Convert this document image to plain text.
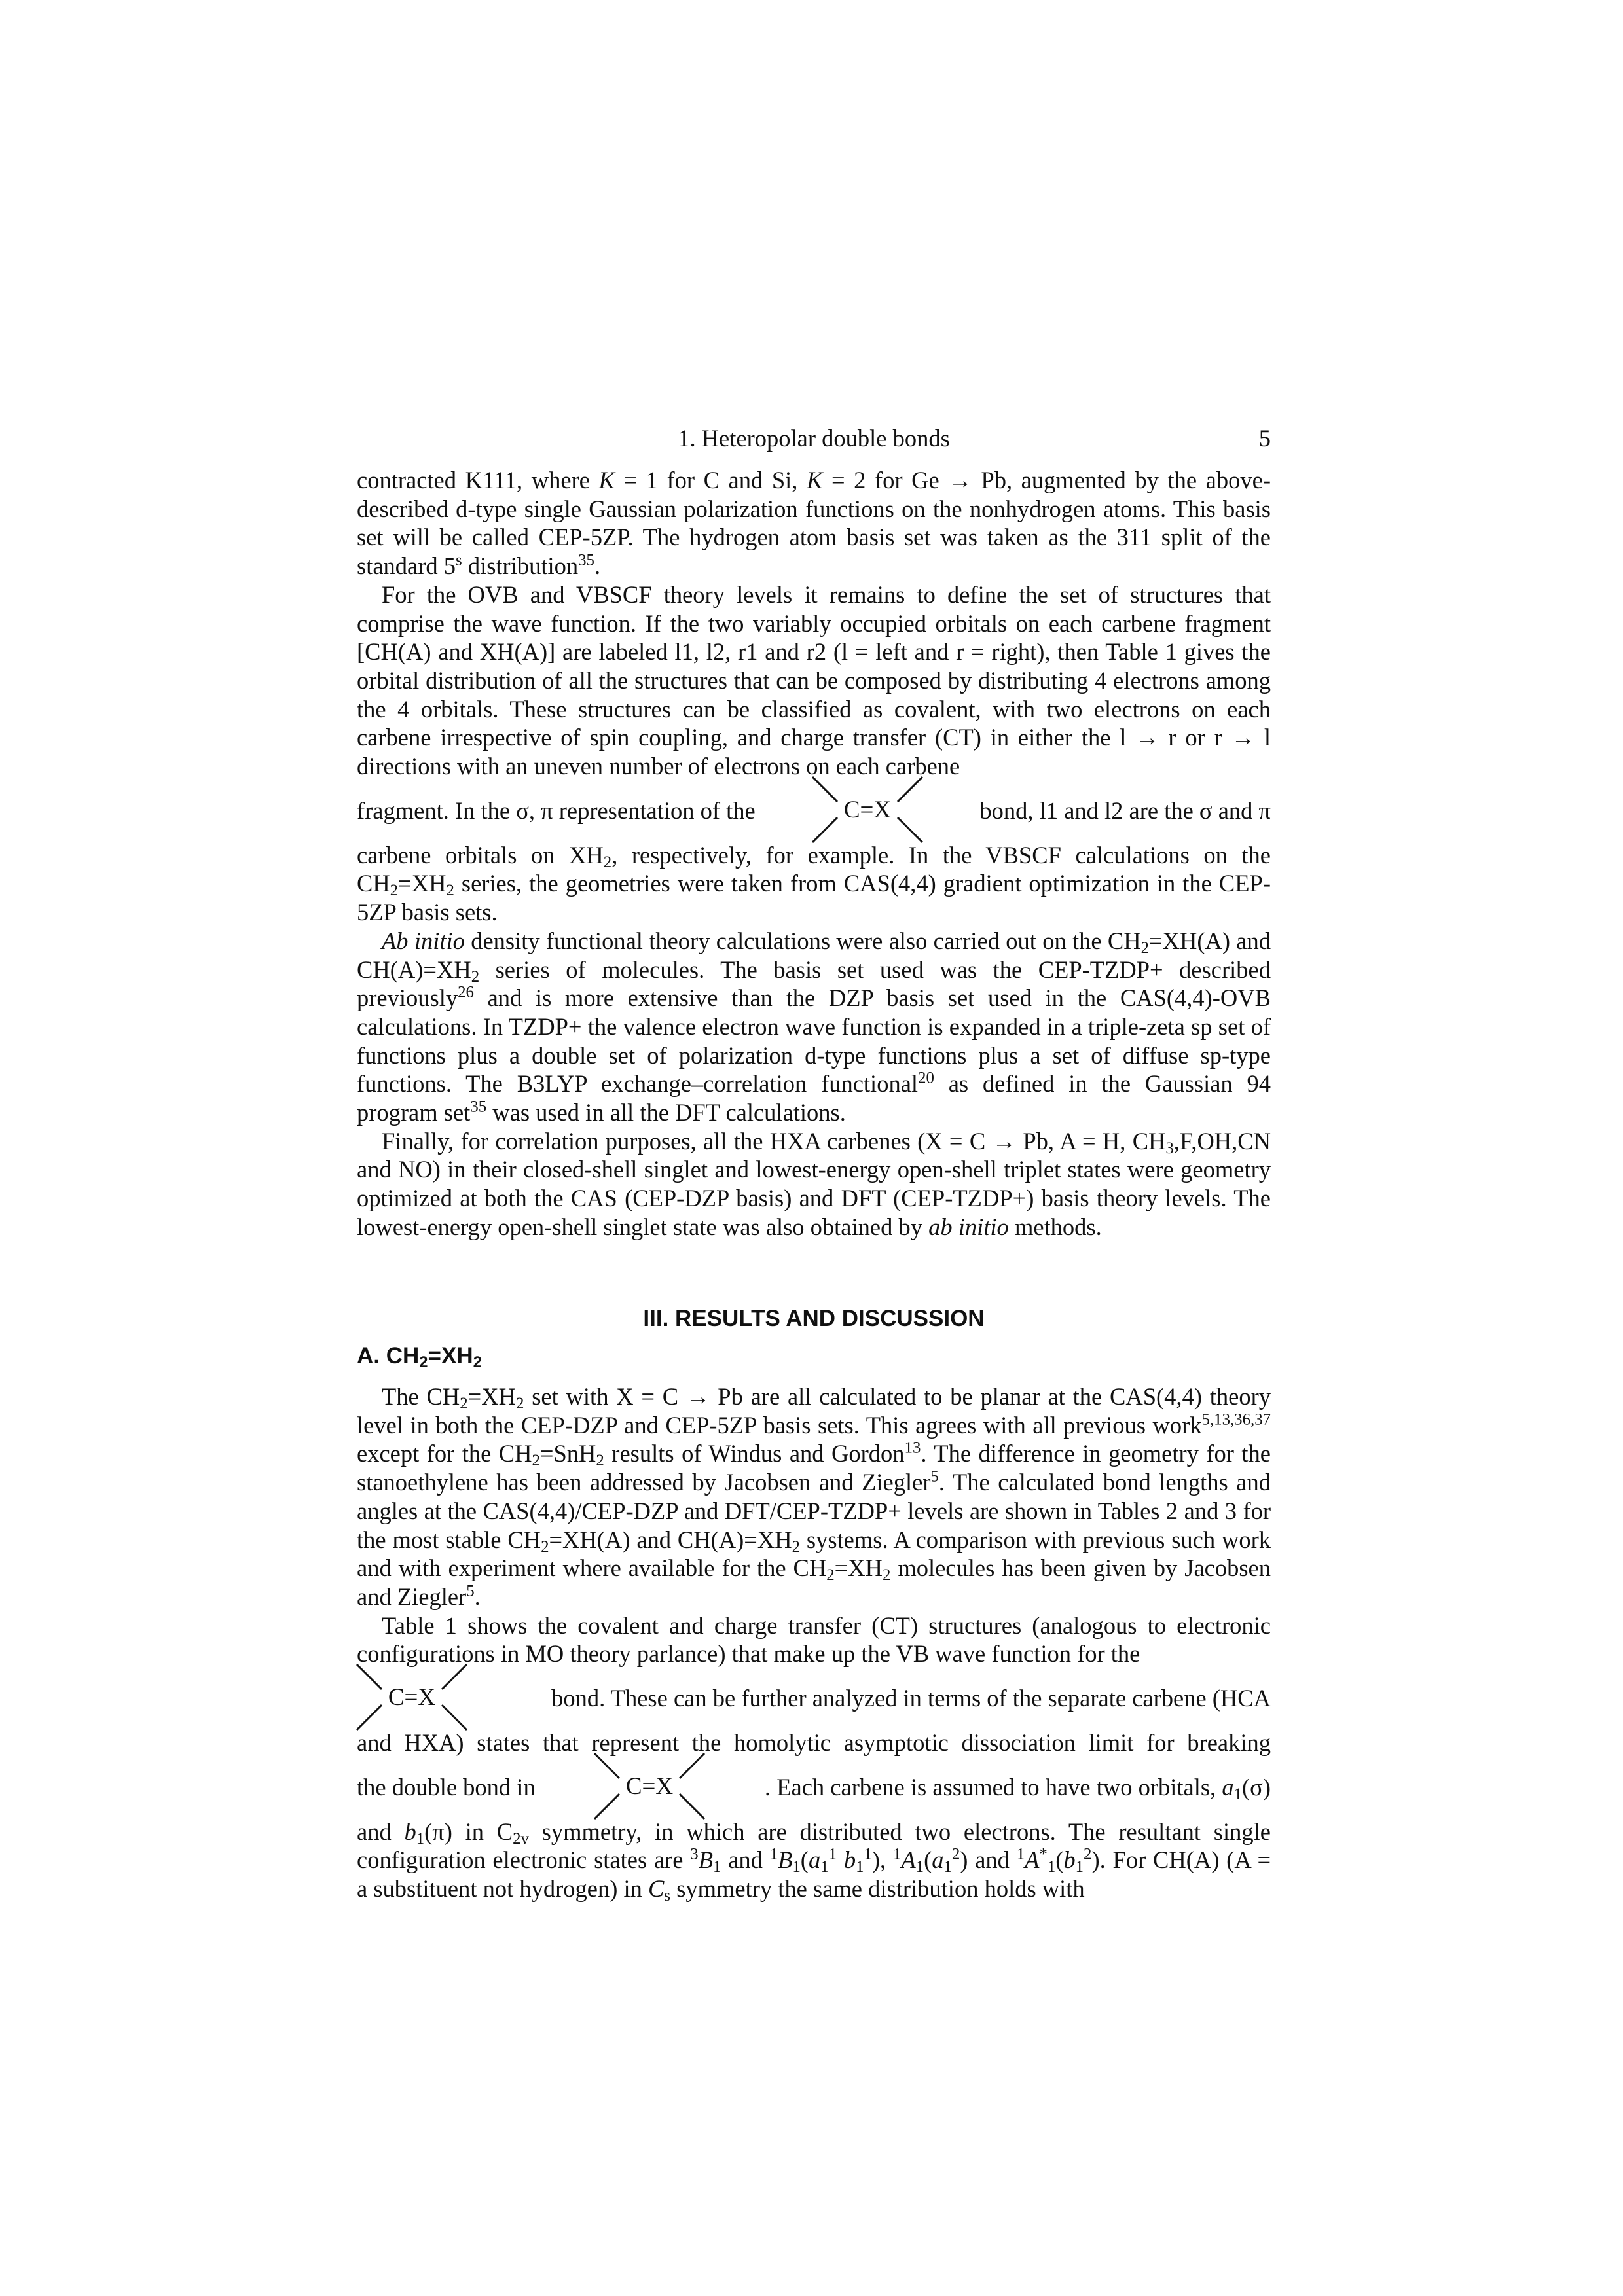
1. Heteropolar double bonds	5

contracted K111, where K = 1 for C and Si, K = 2 for Ge → Pb, augmented by the above-described d-type single Gaussian polarization functions on the nonhydrogen atoms. This basis set will be called CEP-5ZP. The hydrogen atom basis set was taken as the 311 split of the standard 5$^s$ distribution$^{35}$.

For the OVB and VBSCF theory levels it remains to define the set of structures that comprise the wave function. If the two variably occupied orbitals on each carbene fragment [CH(A) and XH(A)] are labeled l1, l2, r1 and r2 (l = left and r = right), then Table 1 gives the orbital distribution of all the structures that can be composed by distributing 4 electrons among the 4 orbitals. These structures can be classified as covalent, with two electrons on each carbene irrespective of spin coupling, and charge transfer (CT) in either the l → r or r → l directions with an uneven number of electrons on each carbene

fragment. In the σ, π representation of the	C=X	bond, l1 and l2 are the σ and π

carbene orbitals on $XH_2$, respectively, for example. In the VBSCF calculations on the $CH_2=XH_2$ series, the geometries were taken from CAS(4,4) gradient optimization in the CEP-5ZP basis sets.

Ab initio density functional theory calculations were also carried out on the $CH_2=XH(A)$ and $CH(A)=XH_2$ series of molecules. The basis set used was the CEP-TZDP+ described previously$^{26}$ and is more extensive than the DZP basis set used in the CAS(4,4)-OVB calculations. In TZDP+ the valence electron wave function is expanded in a triple-zeta sp set of functions plus a double set of polarization d-type functions plus a set of diffuse sp-type functions. The B3LYP exchange–correlation functional$^{20}$ as defined in the Gaussian 94 program set$^{35}$ was used in all the DFT calculations.

Finally, for correlation purposes, all the HXA carbenes (X = C → Pb, A = H, $CH_3,F,OH,CN$ and NO) in their closed-shell singlet and lowest-energy open-shell triplet states were geometry optimized at both the CAS (CEP-DZP basis) and DFT (CEP-TZDP+) basis theory levels. The lowest-energy open-shell singlet state was also obtained by ab initio methods.

III. RESULTS AND DISCUSSION
A. $CH_2=XH_2$

The $CH_2=XH_2$ set with X = C → Pb are all calculated to be planar at the CAS(4,4) theory level in both the CEP-DZP and CEP-5ZP basis sets. This agrees with all previous work$^{5,13,36,37}$ except for the $CH_2=SnH_2$ results of Windus and Gordon$^{13}$. The difference in geometry for the stanoethylene has been addressed by Jacobsen and Ziegler$^5$. The calculated bond lengths and angles at the CAS(4,4)/CEP-DZP and DFT/CEP-TZDP+ levels are shown in Tables 2 and 3 for the most stable $CH_2=XH(A)$ and $CH(A)=XH_2$ systems. A comparison with previous such work and with experiment where available for the $CH_2=XH_2$ molecules has been given by Jacobsen and Ziegler$^5$.

Table 1 shows the covalent and charge transfer (CT) structures (analogous to electronic configurations in MO theory parlance) that make up the VB wave function for the

C=X	bond. These can be further analyzed in terms of the separate carbene (HCA

and HXA) states that represent the homolytic asymptotic dissociation limit for breaking

the double bond in	C=X	. Each carbene is assumed to have two orbitals, $a_1(\sigma)$

and $b_1(\pi)$ in $C_{2v}$ symmetry, in which are distributed two electrons. The resultant single configuration electronic states are $^3B_1$ and $^1B_1(a_1^1$ $b_1^1$), $^1A_1(a_1^2)$ and $^1A^*_1(b_1^2)$. For CH(A) (A = a substituent not hydrogen) in $C_s$ symmetry the same distribution holds with
